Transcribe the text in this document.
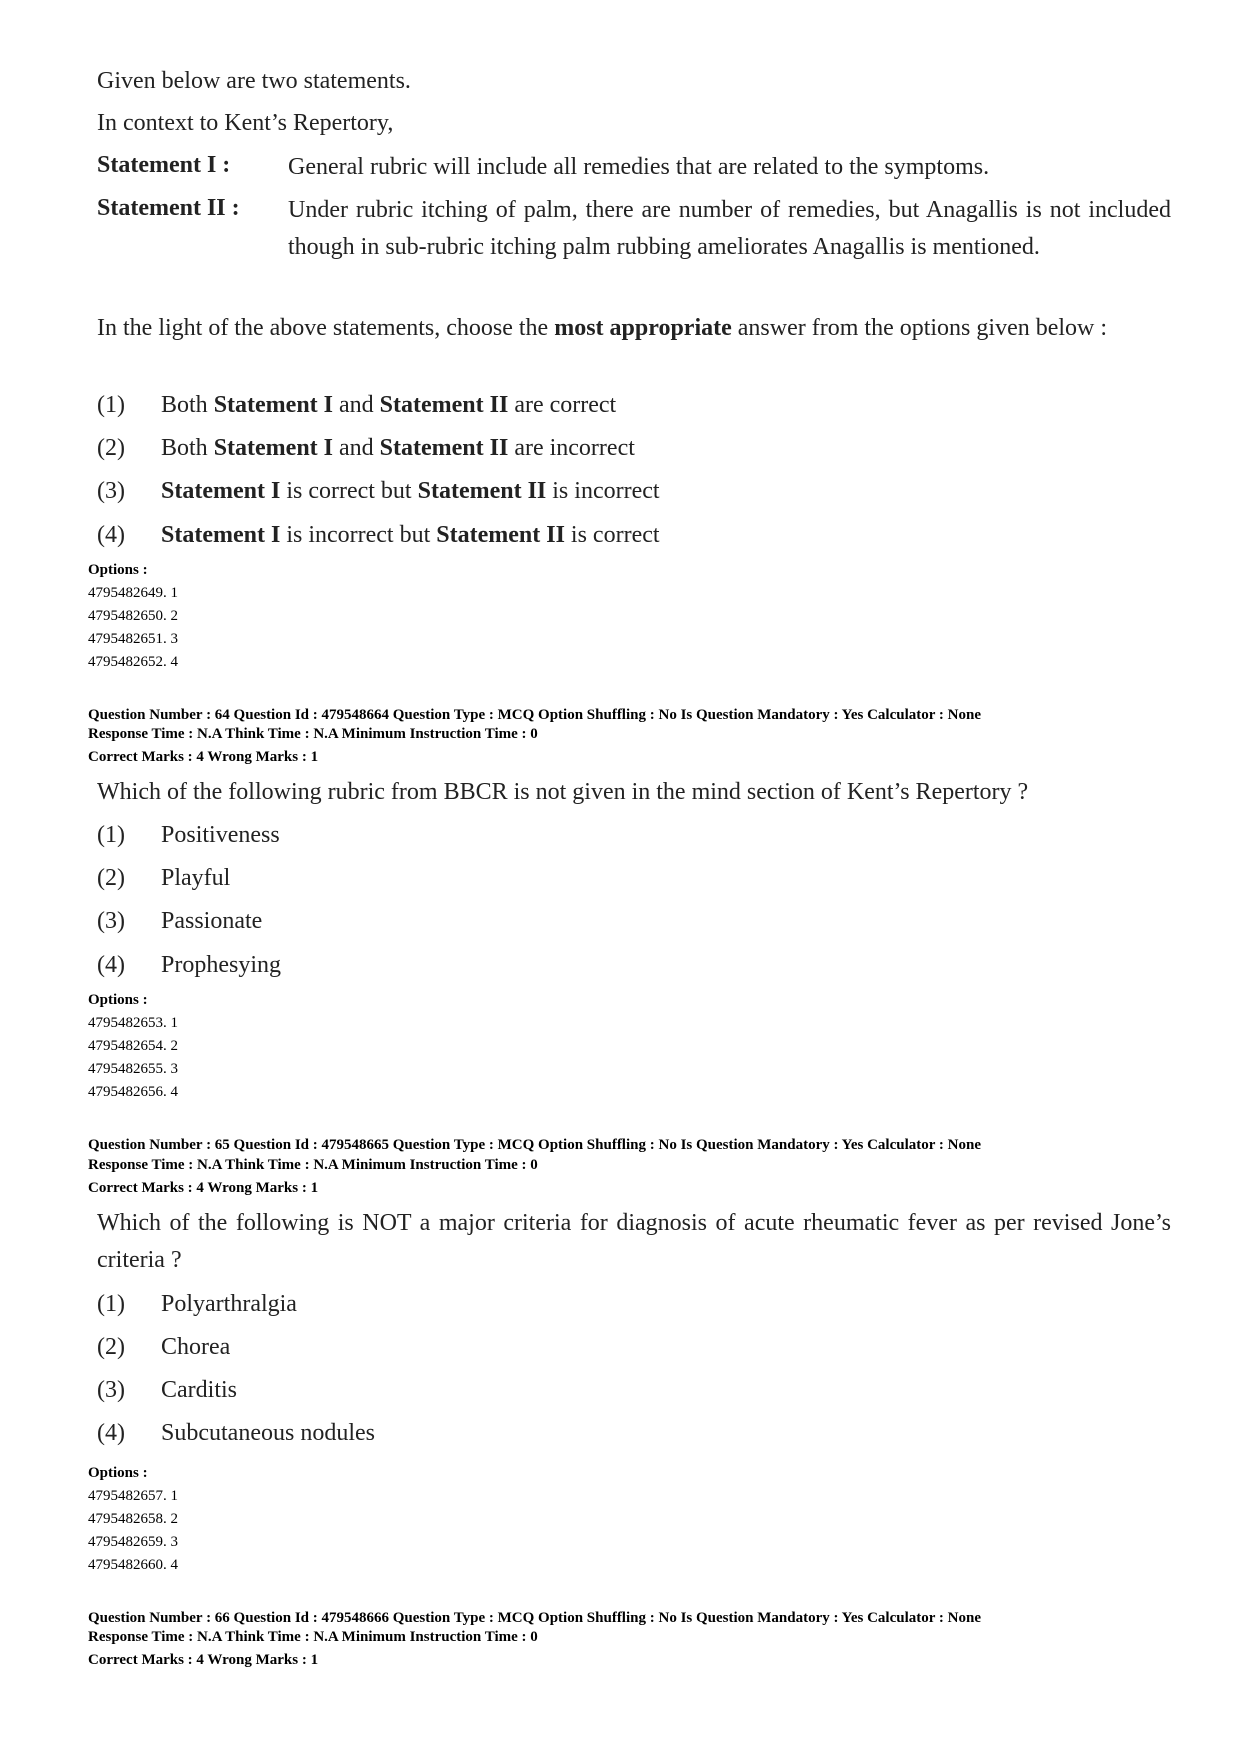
Given below are two statements.
In context to Kent’s Repertory,
Statement I : General rubric will include all remedies that are related to the symptoms.
Statement II : Under rubric itching of palm, there are number of remedies, but Anagallis is not included though in sub-rubric itching palm rubbing ameliorates Anagallis is mentioned.
In the light of the above statements, choose the most appropriate answer from the options given below :
(1) Both Statement I and Statement II are correct
(2) Both Statement I and Statement II are incorrect
(3) Statement I is correct but Statement II is incorrect
(4) Statement I is incorrect but Statement II is correct
Options :
4795482649. 1
4795482650. 2
4795482651. 3
4795482652. 4
Question Number : 64 Question Id : 479548664 Question Type : MCQ Option Shuffling : No Is Question Mandatory : Yes Calculator : None
Response Time : N.A Think Time : N.A Minimum Instruction Time : 0
Correct Marks : 4 Wrong Marks : 1
Which of the following rubric from BBCR is not given in the mind section of Kent’s Repertory ?
(1) Positiveness
(2) Playful
(3) Passionate
(4) Prophesying
Options :
4795482653. 1
4795482654. 2
4795482655. 3
4795482656. 4
Question Number : 65 Question Id : 479548665 Question Type : MCQ Option Shuffling : No Is Question Mandatory : Yes Calculator : None
Response Time : N.A Think Time : N.A Minimum Instruction Time : 0
Correct Marks : 4 Wrong Marks : 1
Which of the following is NOT a major criteria for diagnosis of acute rheumatic fever as per revised Jone’s criteria ?
(1) Polyarthralgia
(2) Chorea
(3) Carditis
(4) Subcutaneous nodules
Options :
4795482657. 1
4795482658. 2
4795482659. 3
4795482660. 4
Question Number : 66 Question Id : 479548666 Question Type : MCQ Option Shuffling : No Is Question Mandatory : Yes Calculator : None
Response Time : N.A Think Time : N.A Minimum Instruction Time : 0
Correct Marks : 4 Wrong Marks : 1
